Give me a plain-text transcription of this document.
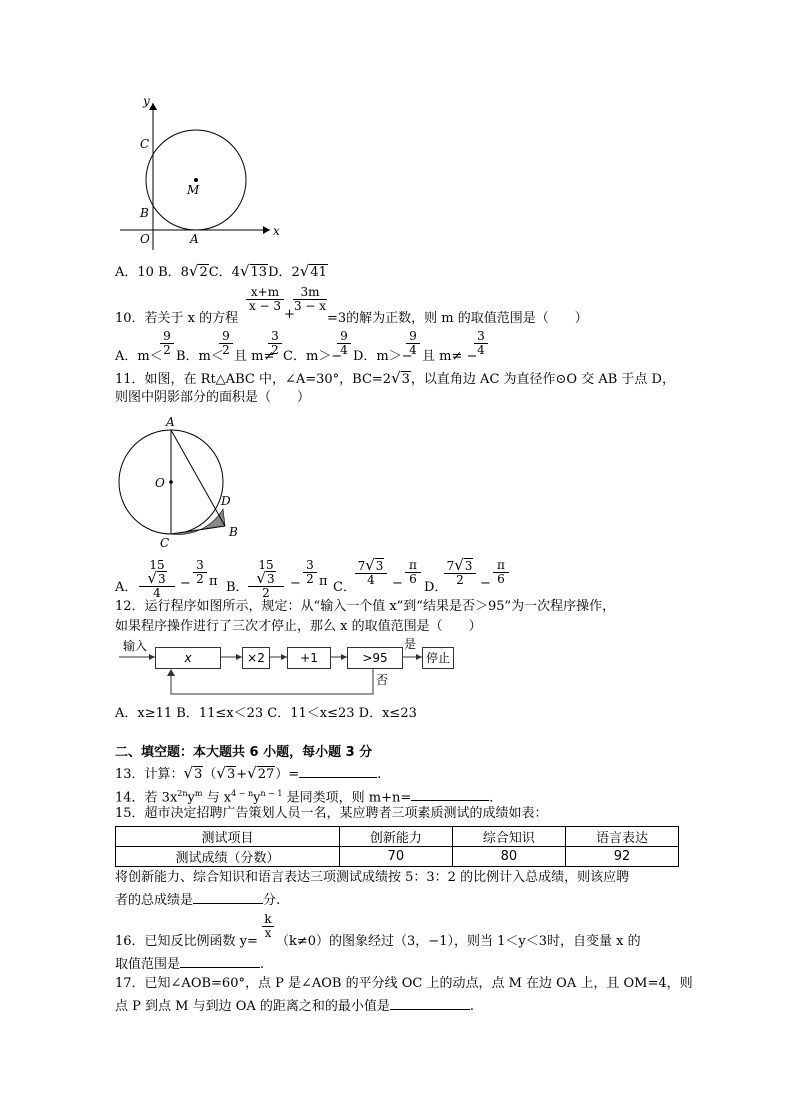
y
x
C
M
B
O	A
A．10 B．8√2C．4√13D．2√41
10．若关于 x 的方程
$\frac{x+m}{x - 3}$
+
$\frac{3m}{3 - x}$
=3的解为正数，则 m 的取值范围是（　　）
A．m＜
$\frac{9}{2}$ B．m＜
$\frac{9}{2}$ 且 m≠
$\frac{3}{2}$ C．m＞−
$\frac{9}{4}$ D．m＞−
$\frac{9}{4}$ 且 m≠ −
$\frac{3}{4}$
11．如图，在 Rt△ABC 中，∠A=30°，BC=2√3，以直角边 AC 为直径作⊙O 交 AB 于点 D，
则图中阴影部分的面积是（　　）
A
O
D
C
B
A． $\frac{15√3}{4} - \frac{3}{2}$ π B． $\frac{15√3}{2} - \frac{3}{2}$ π C．
$\frac{7√3}{4} - \frac{\pi}{6}$
D．
$\frac{7√3}{2} - \frac{\pi}{6}$
12．运行程序如图所示，规定：从“输入一个值 x”到“结果是否＞95”为一次程序操作，
如果程序操作进行了三次才停止，那么 x 的取值范围是（　　）
输入
x	×2	+1	>95
是
否
停止
A．x≥11 B．11≤x＜23 C．11＜x≤23 D．x≤23
二、填空题：本大题共 6 小题，每小题 3 分
13．计算：√3（√3+√27）=	.
14．若 $3x^{2n}y^m$ 与 $x^{4 - n}y^{n - 1}$ 是同类项，则 m+n=	.
15．超市决定招聘广告策划人员一名，某应聘者三项素质测试的成绩如表：
测试项目	创新能力	综合知识	语言表达
测试成绩（分数）	70	80	92
将创新能力、综合知识和语言表达三项测试成绩按 5：3：2 的比例计入总成绩，则该应聘
者的总成绩是	分.
16．已知反比例函数 y=
$\frac{k}{x}$
（k≠0）的图象经过（3，−1），则当 1＜y＜3时，自变量 x 的
取值范围是	.
17．已知∠AOB=60°，点 P 是∠AOB 的平分线 OC 上的动点，点 M 在边 OA 上，且 OM=4，则
点 P 到点 M 与到边 OA 的距离之和的最小值是	.
